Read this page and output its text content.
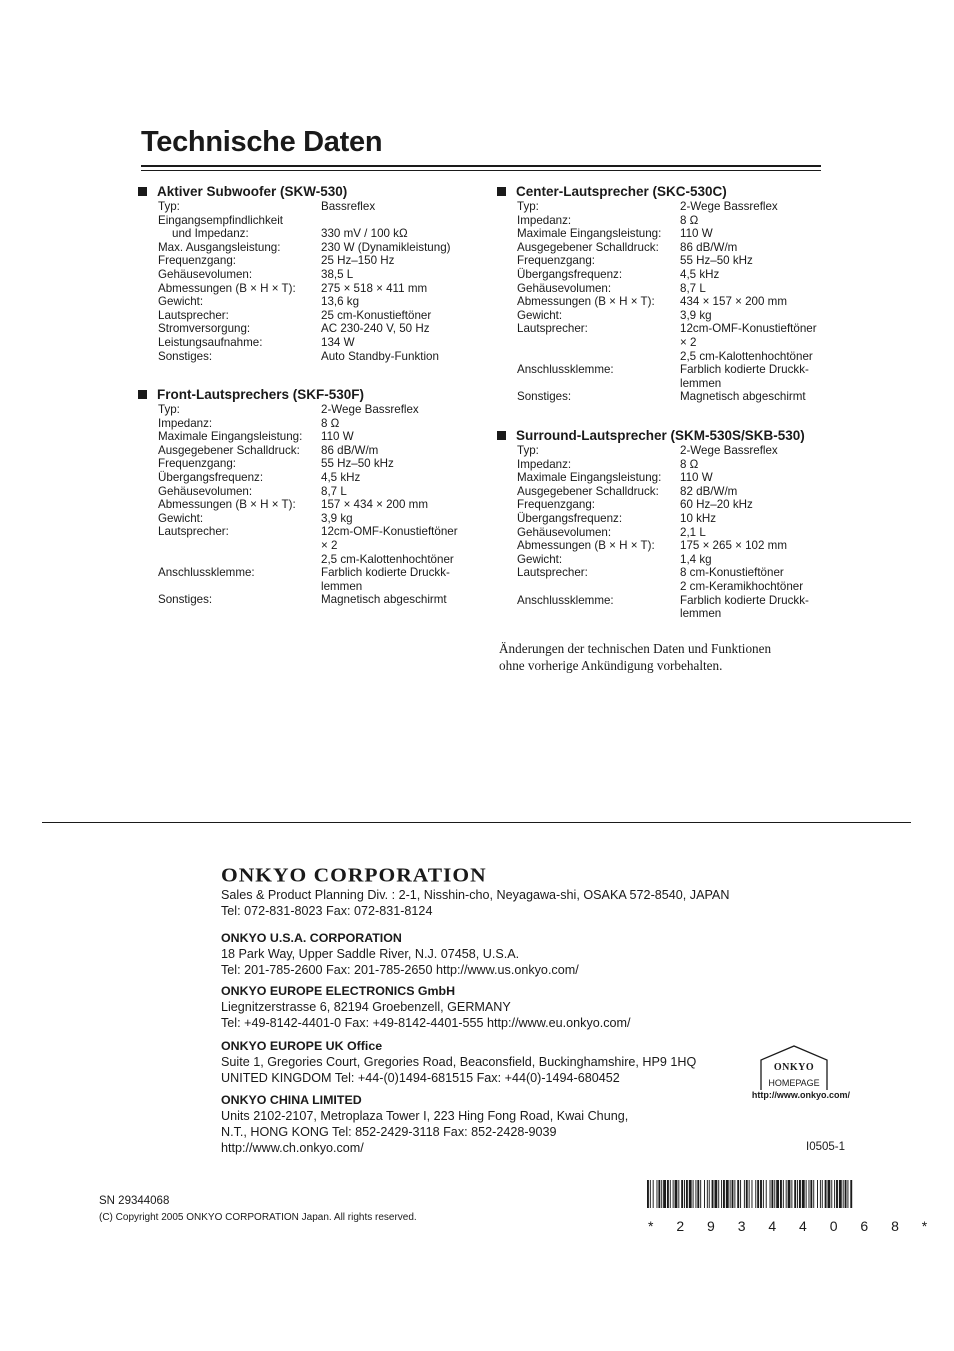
Technische Daten
Aktiver Subwoofer (SKW-530)
Typ:	Bassreflex
Eingangsempfindlichkeit
und Impedanz:	330 mV / 100 kΩ
Max. Ausgangsleistung:	230 W (Dynamikleistung)
Frequenzgang:	25 Hz–150 Hz
Gehäusevolumen:	38,5 L
Abmessungen (B × H × T):	275 × 518 × 411 mm
Gewicht:	13,6 kg
Lautsprecher:	25 cm-Konustieftöner
Stromversorgung:	AC 230-240 V, 50 Hz
Leistungsaufnahme:	134 W
Sonstiges:	Auto Standby-Funktion
Front-Lautsprechers (SKF-530F)
Typ:	2-Wege Bassreflex
Impedanz:	8 Ω
Maximale Eingangsleistung:	110 W
Ausgegebener Schalldruck:	86 dB/W/m
Frequenzgang:	55 Hz–50 kHz
Übergangsfrequenz:	4,5 kHz
Gehäusevolumen:	8,7 L
Abmessungen (B × H × T):	157 × 434 × 200 mm
Gewicht:	3,9 kg
Lautsprecher:	12cm-OMF-Konustieftöner
× 2
2,5 cm-Kalottenhochtöner
Anschlussklemme:	Farblich kodierte Druckk-
lemmen
Sonstiges:	Magnetisch abgeschirmt
Center-Lautsprecher (SKC-530C)
Typ:	2-Wege Bassreflex
Impedanz:	8 Ω
Maximale Eingangsleistung:	110 W
Ausgegebener Schalldruck:	86 dB/W/m
Frequenzgang:	55 Hz–50 kHz
Übergangsfrequenz:	4,5 kHz
Gehäusevolumen:	8,7 L
Abmessungen (B × H × T):	434 × 157 × 200 mm
Gewicht:	3,9 kg
Lautsprecher:	12cm-OMF-Konustieftöner
× 2
2,5 cm-Kalottenhochtöner
Anschlussklemme:	Farblich kodierte Druckk-
lemmen
Sonstiges:	Magnetisch abgeschirmt
Surround-Lautsprecher (SKM-530S/SKB-530)
Typ:	2-Wege Bassreflex
Impedanz:	8 Ω
Maximale Eingangsleistung:	110 W
Ausgegebener Schalldruck:	82 dB/W/m
Frequenzgang:	60 Hz–20 kHz
Übergangsfrequenz:	10 kHz
Gehäusevolumen:	2,1 L
Abmessungen (B × H × T):	175 × 265 × 102 mm
Gewicht:	1,4 kg
Lautsprecher:	8 cm-Konustieftöner
2 cm-Keramikhochtöner
Anschlussklemme:	Farblich kodierte Druckk-
lemmen
Änderungen der technischen Daten und Funktionen
ohne vorherige Ankündigung vorbehalten.
ONKYO CORPORATION
Sales & Product Planning Div. : 2-1, Nisshin-cho, Neyagawa-shi, OSAKA 572-8540, JAPAN
Tel: 072-831-8023 Fax: 072-831-8124
ONKYO U.S.A. CORPORATION
18 Park Way, Upper Saddle River, N.J. 07458, U.S.A.
Tel: 201-785-2600 Fax: 201-785-2650 http://www.us.onkyo.com/
ONKYO EUROPE ELECTRONICS GmbH
Liegnitzerstrasse 6, 82194 Groebenzell, GERMANY
Tel: +49-8142-4401-0 Fax: +49-8142-4401-555 http://www.eu.onkyo.com/
ONKYO EUROPE UK Office
Suite 1, Gregories Court, Gregories Road, Beaconsfield, Buckinghamshire, HP9 1HQ
UNITED KINGDOM Tel: +44-(0)1494-681515 Fax: +44(0)-1494-680452
ONKYO CHINA LIMITED
Units 2102-2107, Metroplaza Tower I, 223 Hing Fong Road, Kwai Chung,
N.T., HONG KONG Tel: 852-2429-3118 Fax: 852-2428-9039
http://www.ch.onkyo.com/
ONKYO
HOMEPAGE
http://www.onkyo.com/
I0505-1
SN 29344068
(C) Copyright 2005 ONKYO CORPORATION Japan. All rights reserved.
* 2 9 3 4 4 0 6 8 *
